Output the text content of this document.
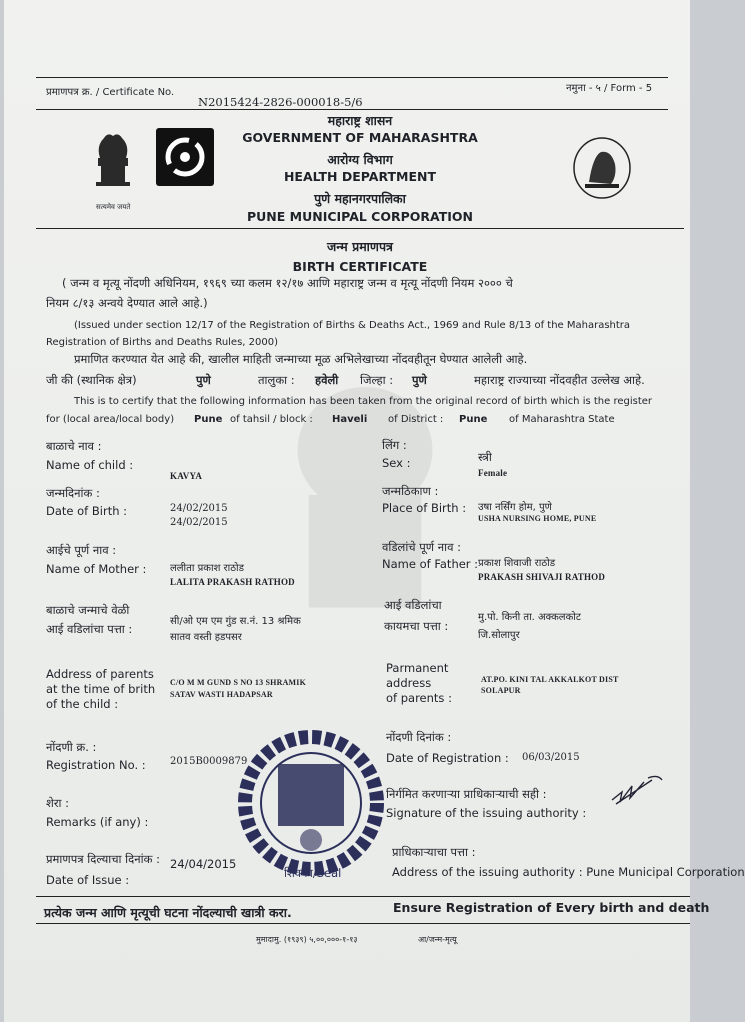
प्रमाणपत्र क्र. / Certificate No.
N2015424-2826-000018-5/6
नमुना - ५ / Form - 5
सत्यमेव जयते
महाराष्ट्र शासन
GOVERNMENT OF MAHARASHTRA
आरोग्य विभाग
HEALTH DEPARTMENT
पुणे महानगरपालिका
PUNE MUNICIPAL CORPORATION
जन्म प्रमाणपत्र
BIRTH CERTIFICATE
( जन्म व मृत्यू नोंदणी अधिनियम, १९६९ च्या कलम १२/१७ आणि महाराष्ट्र जन्म व मृत्यू नोंदणी नियम २००० चे
नियम ८/१३ अन्वये देण्यात आले आहे.)
(Issued under section 12/17 of the Registration of Births & Deaths Act., 1969 and Rule 8/13 of the Maharashtra
Registration of Births and Deaths Rules, 2000)
प्रमाणित करण्यात येत आहे की, खालील माहिती जन्माच्या मूळ अभिलेखाच्या नोंदवहीतून घेण्यात आलेली आहे.
जी की (स्थानिक क्षेत्र)	पुणे	तालुका : हवेली जिल्हा : पुणे	महाराष्ट्र राज्याच्या नोंदवहीत उल्लेख आहे.
This is to certify that the following information has been taken from the original record of birth which is the register
for (local area/local body) Pune of tahsil / block : Haveli of District : Pune of Maharashtra State
बाळाचे नाव :
Name of child :
KAVYA
लिंग :
Sex :	स्त्री
Female
जन्मदिनांक :
Date of Birth :	24/02/2015
24/02/2015
जन्मठिकाण :
Place of Birth : उषा नर्सिंग होम, पुणे
USHA NURSING HOME, PUNE
आईचे पूर्ण नाव :
Name of Mother : ललीता प्रकाश राठोड
LALITA PRAKASH RATHOD
वडिलांचे पूर्ण नाव :
Name of Father : प्रकाश शिवाजी राठोड
PRAKASH SHIVAJI RATHOD
बाळाचे जन्माचे वेळी
आई वडिलांचा पत्ता :
सी/ओ एम एम गुंड स.नं. 13 श्रमिक
सातव वस्ती हडपसर
आई वडिलांचा
कायमचा पत्ता :
मु.पो. किनी ता. अक्कलकोट
जि.सोलापुर
Address of parents
at the time of brith
of the child :
C/O M M GUND S NO 13 SHRAMIK
SATAV WASTI HADAPSAR
Parmanent
address
of parents :
AT.PO. KINI TAL AKKALKOT DIST
SOLAPUR
नोंदणी क्र. :
Registration No. : 2015B0009879
नोंदणी दिनांक :
Date of Registration : 06/03/2015
शेरा :
Remarks (if any) :
निर्गमित करणाऱ्या प्राधिकाऱ्याची सही :
Signature of the issuing authority :
प्रमाणपत्र दिल्याचा दिनांक :
Date of Issue :
24/04/2015
प्राधिकाऱ्याचा पत्ता :
Address of the issuing authority : Pune Municipal Corporation
शिक्का/Seal
प्रत्येक जन्म आणि मृत्यूची घटना नोंदल्याची खात्री करा.	Ensure Registration of Every birth and death
मुमादामु. (१९३९) ५,००,०००-१-१३	आ/जन्म-मृत्यू
